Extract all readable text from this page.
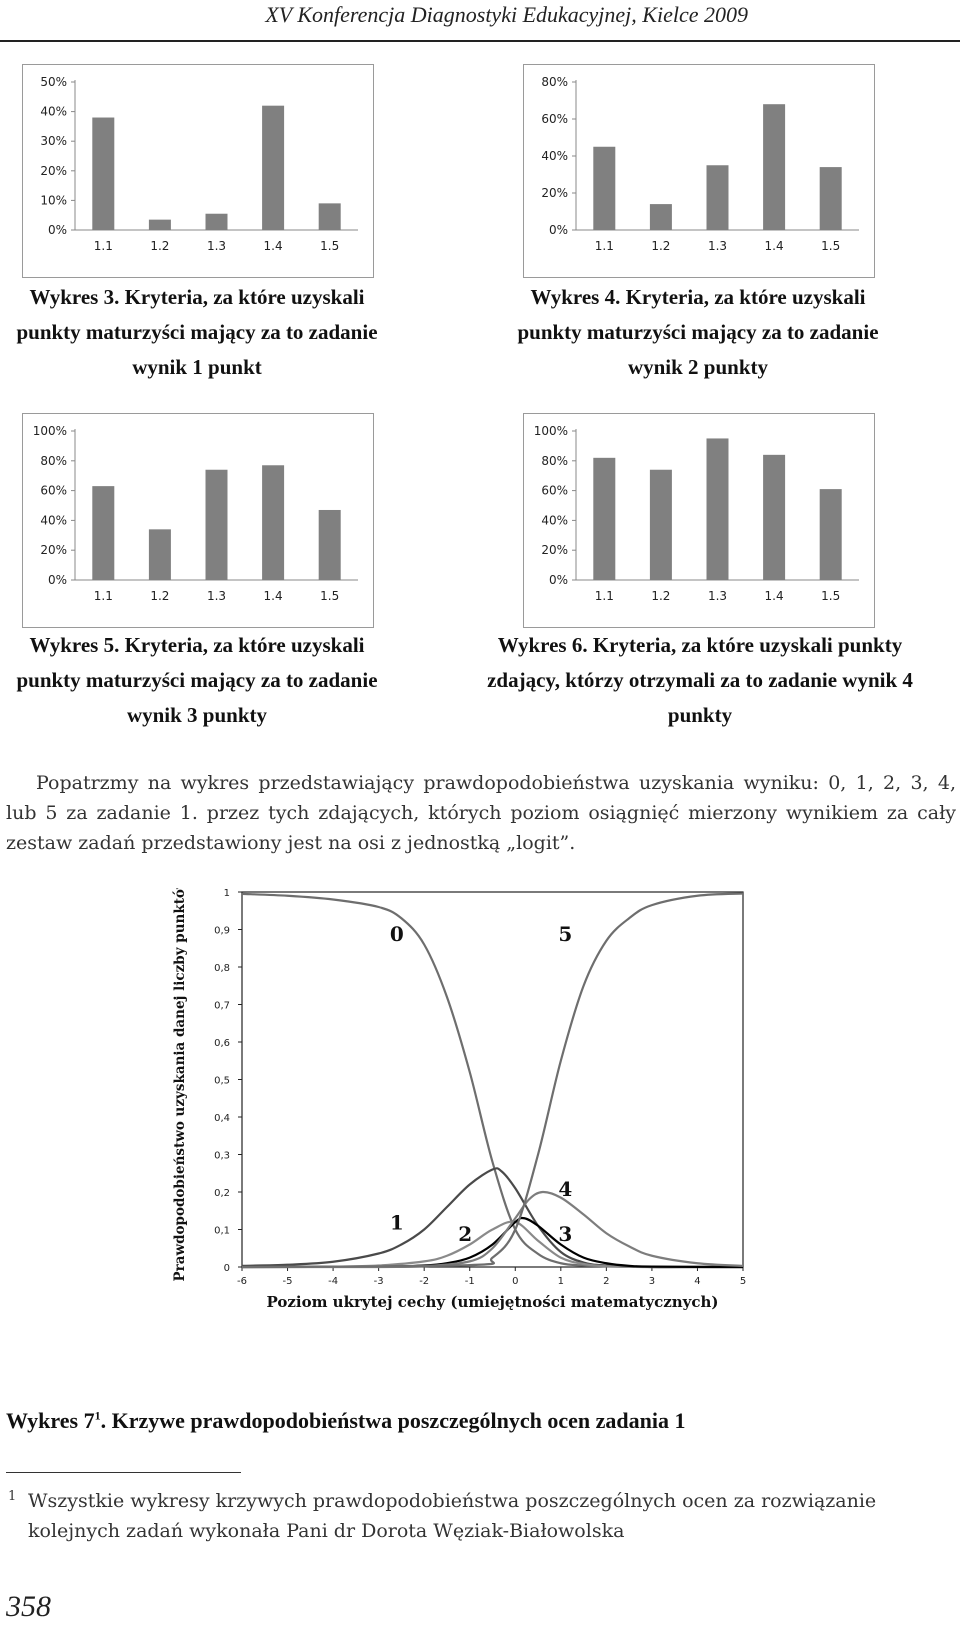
XV Konferencja Diagnostyki Edukacyjnej, Kielce 2009
0%
10%
20%
30%
40%
50%
1.1	1.2	1.3	1.4	1.5
Wykres 3. Kryteria, za które uzyskali punkty maturzyści mający za to zadanie wynik 1 punkt
0%
20%
40%
60%
80%
1.1	1.2	1.3	1.4	1.5
Wykres 4. Kryteria, za które uzyskali punkty maturzyści mający za to zadanie wynik 2 punkty
0%
20%
40%
60%
80%
100%
1.1	1.2	1.3	1.4	1.5
Wykres 5. Kryteria, za które uzyskali punkty maturzyści mający za to zadanie wynik 3 punkty
0%
20%
40%
60%
80%
100%
1.1	1.2	1.3	1.4	1.5
Wykres 6. Kryteria, za które uzyskali punkty zdający, którzy otrzymali za to zadanie wynik 4 punkty

Popatrzmy na wykres przedstawiający prawdopodobieństwa uzyskania wyniku: 0, 1, 2, 3, 4, lub 5 za zadanie 1. przez tych zdających, których poziom osiągnięć mierzony wynikiem za cały zestaw zadań przedstawiony jest na osi z jednostką „logit”.

0
0,1
0,2
0,3
0,4
0,5
0,6
0,7
0,8
0,9
1
-6	-5	-4	-3	-2	-1	0	1	2	3	4	5
Poziom ukrytej cechy (umiejętności matematycznych)
Prawdopodobieństwo uzyskania danej liczby punktów	0
1	2	3
4
5
Wykres $7^1$. Krzywe prawdopodobieństwa poszczególnych ocen zadania 1
1 Wszystkie wykresy krzywych prawdopodobieństwa poszczególnych ocen za rozwiązanie kolejnych zadań wykonała Pani dr Dorota Węziak-Białowolska
358
